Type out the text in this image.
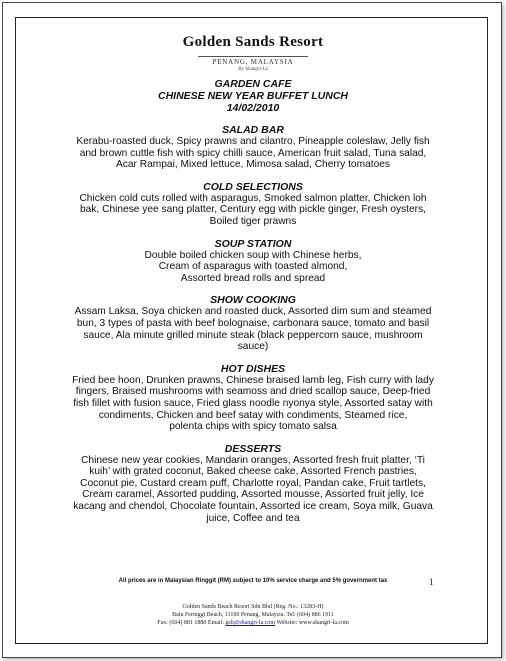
Golden Sands Resort
PENANG, MALAYSIA
By Shangri-La
GARDEN CAFE
CHINESE NEW YEAR BUFFET LUNCH
14/02/2010
SALAD BAR
Kerabu-roasted duck, Spicy prawns and cilantro, Pineapple coleslaw, Jelly fish
and brown cuttle fish with spicy chilli sauce, American fruit salad, Tuna salad,
Acar Rampai, Mixed lettuce, Mimosa salad, Cherry tomatoes
COLD SELECTIONS
Chicken cold cuts rolled with asparagus, Smoked salmon platter, Chicken loh
bak, Chinese yee sang platter, Century egg with pickle ginger, Fresh oysters,
Boiled tiger prawns
SOUP STATION
Double boiled chicken soup with Chinese herbs,
Cream of asparagus with toasted almond,
Assorted bread rolls and spread
SHOW COOKING
Assam Laksa, Soya chicken and roasted duck, Assorted dim sum and steamed
bun, 3 types of pasta with beef bolognaise, carbonara sauce, tomato and basil
sauce, Ala minute grilled minute steak (black peppercorn sauce, mushroom
sauce)
HOT DISHES
Fried bee hoon, Drunken prawns, Chinese braised lamb leg, Fish curry with lady
fingers, Braised mushrooms with seamoss and dried scallop sauce, Deep-fried
fish fillet with fusion sauce, Fried glass noodle nyonya style, Assorted satay with
condiments, Chicken and beef satay with condiments, Steamed rice,
polenta chips with spicy tomato salsa
DESSERTS
Chinese new year cookies, Mandarin oranges, Assorted fresh fruit platter, ‘Ti
kuih’ with grated coconut, Baked cheese cake, Assorted French pastries,
Coconut pie, Custard cream puff, Charlotte royal, Pandan cake, Fruit tartlets,
Cream caramel, Assorted pudding, Assorted mousse, Assorted fruit jelly, Ice
kacang and chendol, Chocolate fountain, Assorted ice cream, Soya milk, Guava
juice, Coffee and tea
All prices are in Malaysian Ringgit (RM) subject to 10% service charge and 5% government tax	1
Golden Sands Beach Resort Sdn Bhd (Reg. No.: 13283-H)
Batu Feringgi Beach, 11100 Penang, Malaysia. Tel: (604) 886 1911
Fax: (604) 881 1880 Email: gsb@shangri-la.com Website: www.shangri-la.com
